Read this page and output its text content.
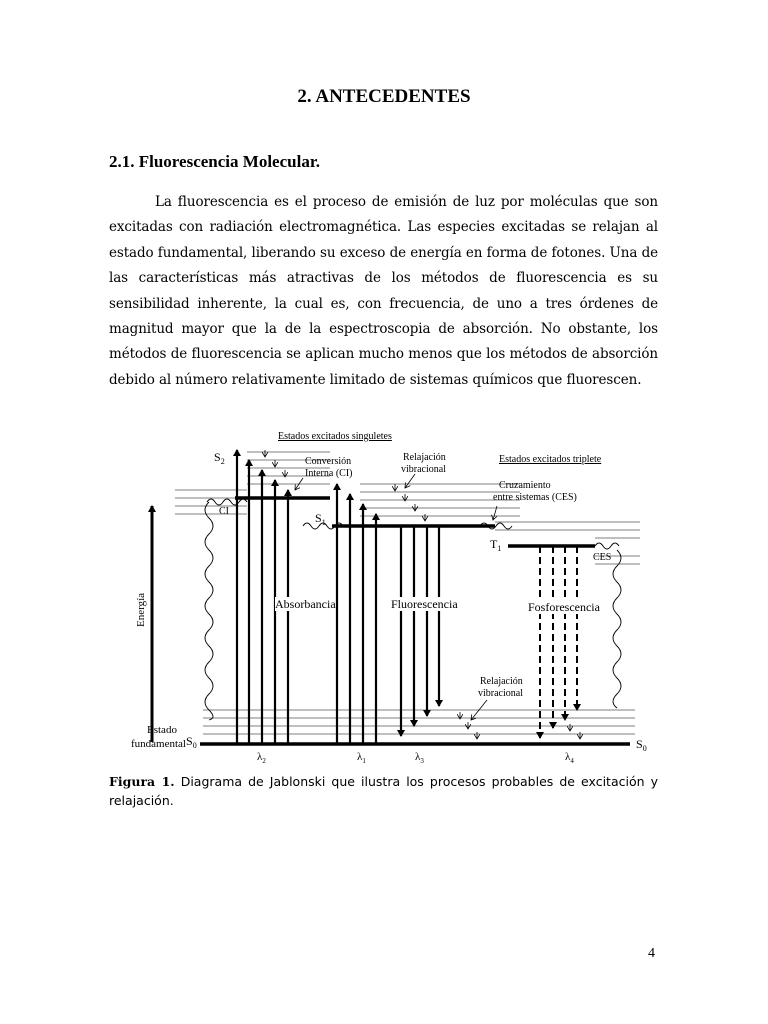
2. ANTECEDENTES
2.1. Fluorescencia Molecular.

La fluorescencia es el proceso de emisión de luz por moléculas que son excitadas con radiación electromagnética. Las especies excitadas se relajan al estado fundamental, liberando su exceso de energía en forma de fotones. Una de las características más atractivas de los métodos de fluorescencia es su sensibilidad inherente, la cual es, con frecuencia, de uno a tres órdenes de magnitud mayor que la de la espectroscopia de absorción. No obstante, los métodos de fluorescencia se aplican mucho menos que los métodos de absorción debido al número relativamente limitado de sistemas químicos que fluorescen.

Estados excitados singuletes
Estados excitados triplete
$S_2$
$S_1$
$T_1$
$S_0$	$S_0$
CI
CES
Conversión
Interna (CI)
Relajación
vibracional
Cruzamiento
entre sistemas (CES)
Relajación
vibracional
Energía
Estado
fundamental
Absorbancia	Fluorescencia	Fosforescencia
$\lambda_2$	$\lambda_1$	$\lambda_3$	$\lambda_4$

Figura 1. Diagrama de Jablonski que ilustra los procesos probables de excitación y relajación.

4
